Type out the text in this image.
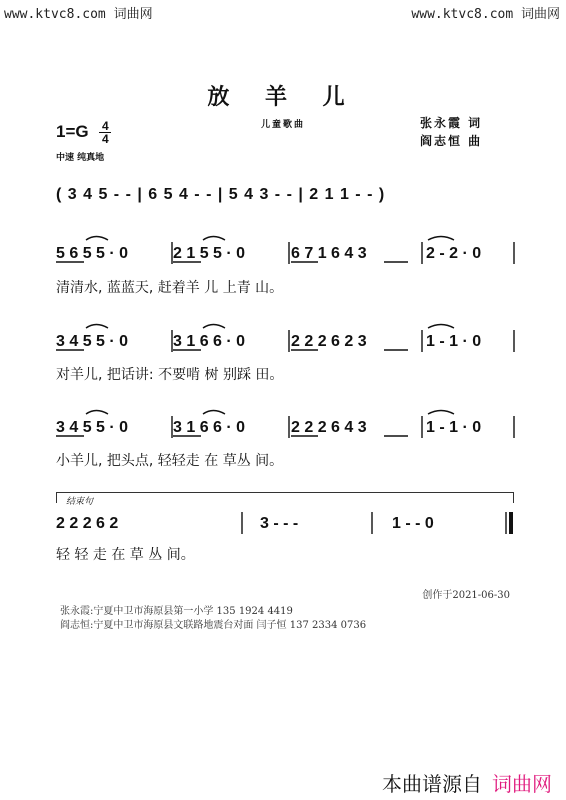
www.ktvc8.com 词曲网	www.ktvc8.com 词曲网
放 羊 儿
$1=G \frac{4}{4}$	儿童歌曲	张永霞 词
阎志恒 曲
中速 纯真地
( 3 4 5 - - | 6 5 4 - - | 5 4 3 - - | 2 1 1 - - )
5 6 5 5 · 0	2 1 5 5 · 0	6 7 1 6 4 3	2 - 2 · 0
清清水, 蓝蓝天, 赶着羊 儿 上青 山。
3 4 5 5 · 0	3 1 6 6 · 0	2 2 2 6 2 3	1 - 1 · 0
对羊儿, 把话讲: 不要啃 树 别踩 田。
3 4 5 5 · 0	3 1 6 6 · 0	2 2 2 6 4 3	1 - 1 · 0
小羊儿, 把头点, 轻轻走 在 草丛 间。
结束句
2 2 2 6 2	3 - - -	1 - - 0
轻 轻 走 在 草 丛 间。
创作于2021-06-30
张永霞:宁夏中卫市海原县第一小学 135 1924 4419
阎志恒:宁夏中卫市海原县文联路地震台对面 闫子恒 137 2334 0736
本曲谱源自 词曲网
